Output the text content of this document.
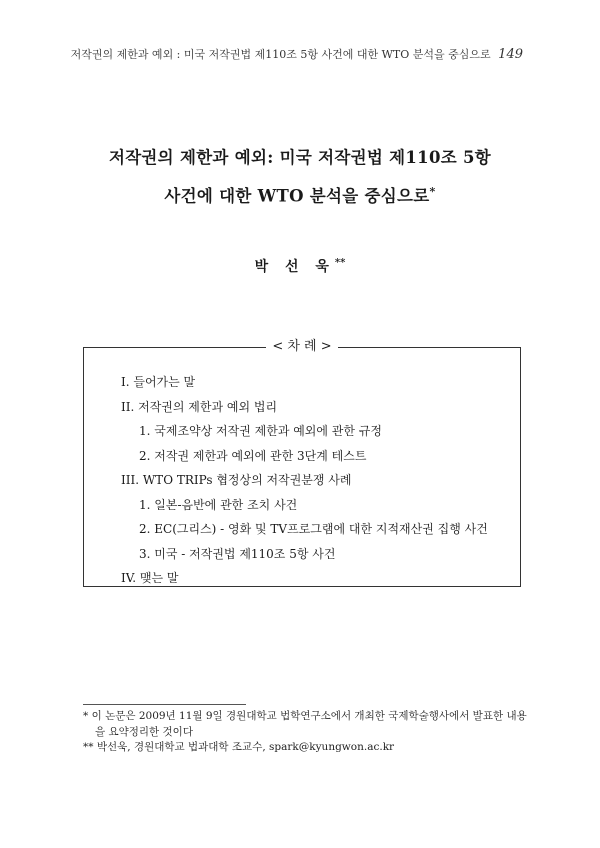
저작권의 제한과 예외 : 미국 저작권법 제110조 5항 사건에 대한 WTO 분석을 중심으로 149
저작권의 제한과 예외: 미국 저작권법 제110조 5항
사건에 대한 WTO 분석을 중심으로*
박 선 욱**
< 차 례 >
I. 들어가는 말
II. 저작권의 제한과 예외 법리
1. 국제조약상 저작권 제한과 예외에 관한 규정
2. 저작권 제한과 예외에 관한 3단계 테스트
III. WTO TRIPs 협정상의 저작권분쟁 사례
1. 일본-음반에 관한 조치 사건
2. EC(그리스) - 영화 및 TV프로그램에 대한 지적재산권 집행 사건
3. 미국 - 저작권법 제110조 5항 사건
IV. 맺는 말

* 이 논문은 2009년 11월 9일 경원대학교 법학연구소에서 개최한 국제학술행사에서 발표한 내용

을 요약정리한 것이다

** 박선욱, 경원대학교 법과대학 조교수, spark@kyungwon.ac.kr
